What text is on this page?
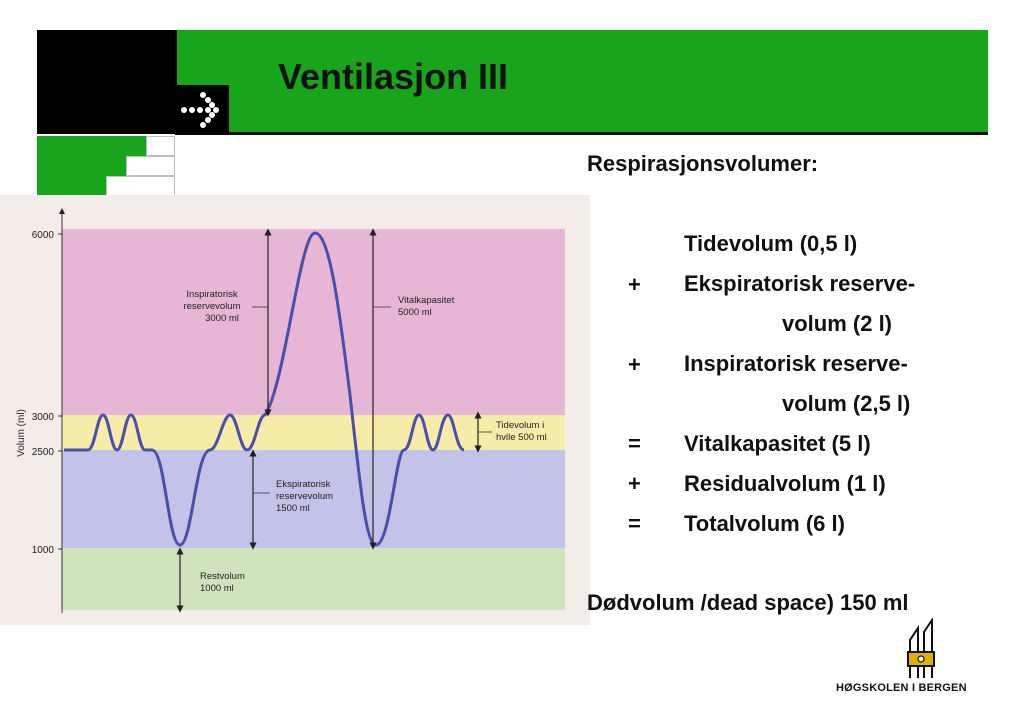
Ventilasjon III
6000
3000
2500
1000
Volum (ml)
Inspiratorisk
reservevolum
3000 ml
Vitalkapasitet
5000 ml
Tidevolum i
hvile 500 ml
Ekspiratorisk
reservevolum
1500 ml
Restvolum
1000 ml

Respirasjonsvolumer:

Tidevolum (0,5 l)

+ Ekspiratorisk reserve-

volum (2 l)

+ Inspiratorisk reserve-

volum (2,5 l)

= Vitalkapasitet (5 l)

+ Residualvolum (1 l)

= Totalvolum (6 l)

Dødvolum /dead space) 150 ml

HØGSKOLEN I BERGEN
